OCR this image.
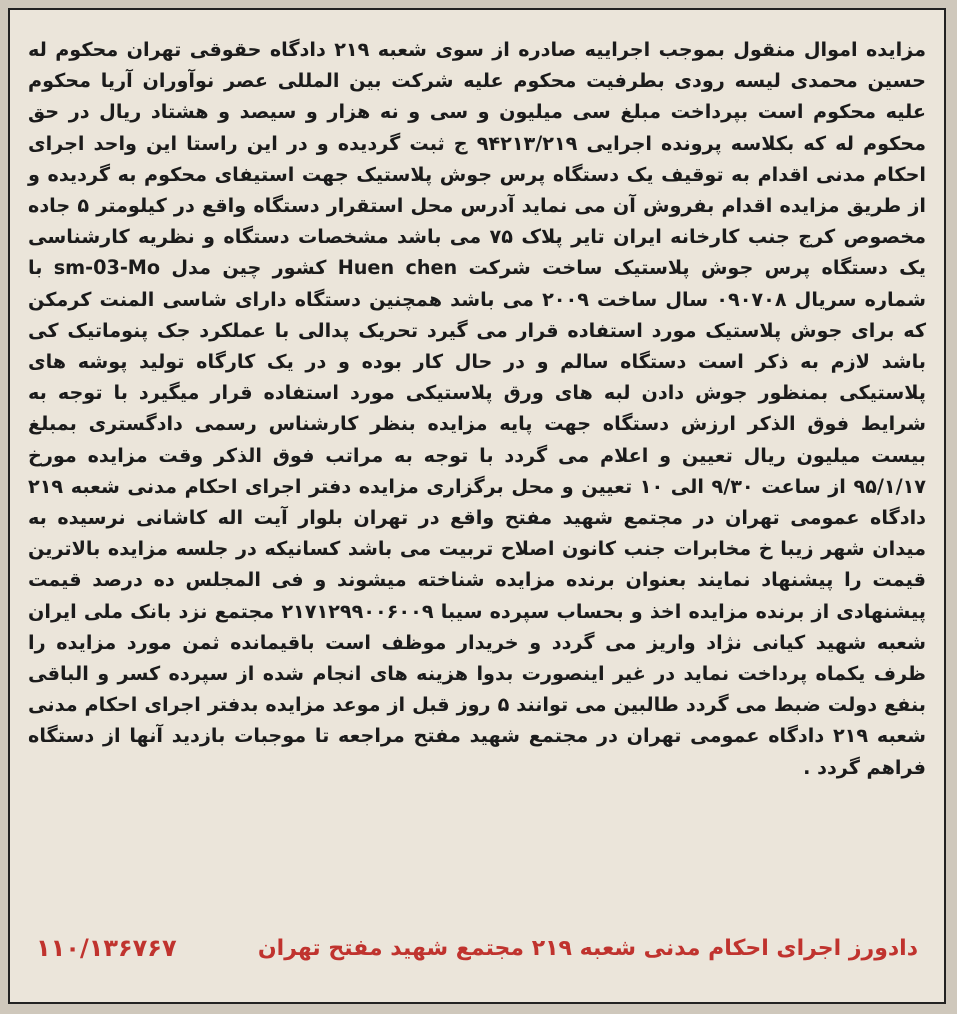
مزایده اموال منقول بموجب اجراییه صادره از سوی شعبه ۲۱۹ دادگاه حقوقی تهران محکوم له حسین محمدی لیسه رودی بطرفیت محکوم علیه شرکت بین المللی عصر نوآوران آریا محکوم علیه محکوم است بپرداخت مبلغ سی میلیون و سی و نه هزار و سیصد و هشتاد ریال در حق محکوم له که بکلاسه پرونده اجرایی ۹۴۲۱۳/۲۱۹ ج ثبت گردیده و در این راستا این واحد اجرای احکام مدنی اقدام به توقیف یک دستگاه پرس جوش پلاستیک جهت استیفای محکوم به گردیده و از طریق مزایده اقدام بفروش آن می نماید آدرس محل استقرار دستگاه واقع در کیلومتر ۵ جاده مخصوص کرج جنب کارخانه ایران تایر پلاک ۷۵ می باشد مشخصات دستگاه و نظریه کارشناسی یک دستگاه پرس جوش پلاستیک ساخت شرکت Huen chen کشور چین مدل sm-03-Mo با شماره سریال ۰۹۰۷۰۸ سال ساخت ۲۰۰۹ می باشد همچنین دستگاه دارای شاسی المنت کرمکن که برای جوش پلاستیک مورد استفاده قرار می گیرد تحریک پدالی با عملکرد جک پنوماتیک کی باشد لازم به ذکر است دستگاه سالم و در حال کار بوده و در یک کارگاه تولید پوشه های پلاستیکی بمنظور جوش دادن لبه های ورق پلاستیکی مورد استفاده قرار میگیرد با توجه به شرایط فوق الذکر ارزش دستگاه جهت پایه مزایده بنظر کارشناس رسمی دادگستری بمبلغ بیست میلیون ریال تعیین و اعلام می گردد با توجه به مراتب فوق الذکر وقت مزایده مورخ ۹۵/۱/۱۷ از ساعت ۹/۳۰ الی ۱۰ تعیین و محل برگزاری مزایده دفتر اجرای احکام مدنی شعبه ۲۱۹ دادگاه عمومی تهران در مجتمع شهید مفتح واقع در تهران بلوار آیت اله کاشانی نرسیده به میدان شهر زیبا خ مخابرات جنب کانون اصلاح تربیت می باشد کسانیکه در جلسه مزایده بالاترین قیمت را پیشنهاد نمایند بعنوان برنده مزایده شناخته میشوند و فی المجلس ده درصد قیمت پیشنهادی از برنده مزایده اخذ و بحساب سپرده سیبا ۲۱۷۱۲۹۹۰۰۶۰۰۹ مجتمع نزد بانک ملی ایران شعبه شهید کیانی نژاد واریز می گردد و خریدار موظف است باقیمانده ثمن مورد مزایده را ظرف یکماه پرداخت نماید در غیر اینصورت بدوا هزینه های انجام شده از سپرده کسر و الباقی بنفع دولت ضبط می گردد طالبین می توانند ۵ روز قبل از موعد مزایده بدفتر اجرای احکام مدنی شعبه ۲۱۹ دادگاه عمومی تهران در مجتمع شهید مفتح مراجعه تا موجبات بازدید آنها از دستگاه فراهم گردد .

دادورز اجرای احکام مدنی شعبه ۲۱۹ مجتمع شهید مفتح تهران
۱۱۰/۱۳۶۷۶۷
